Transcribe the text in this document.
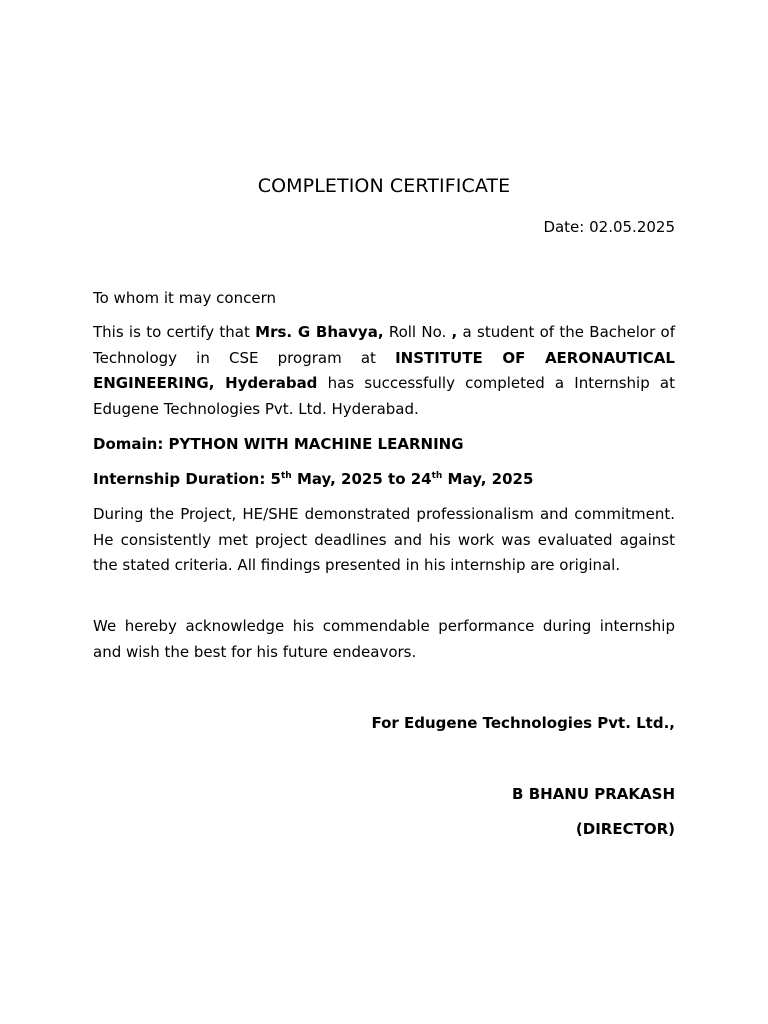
COMPLETION CERTIFICATE
Date: 02.05.2025
To whom it may concern

This is to certify that Mrs. G Bhavya, Roll No. , a student of the Bachelor of Technology in CSE program at INSTITUTE OF AERONAUTICAL ENGINEERING, Hyderabad has successfully completed a Internship at Edugene Technologies Pvt. Ltd. Hyderabad.

Domain: PYTHON WITH MACHINE LEARNING
Internship Duration: 5th May, 2025 to 24th May, 2025

During the Project, HE/SHE demonstrated professionalism and commitment. He consistently met project deadlines and his work was evaluated against the stated criteria. All findings presented in his internship are original.

We hereby acknowledge his commendable performance during internship and wish the best for his future endeavors.

For Edugene Technologies Pvt. Ltd.,
B BHANU PRAKASH
(DIRECTOR)
